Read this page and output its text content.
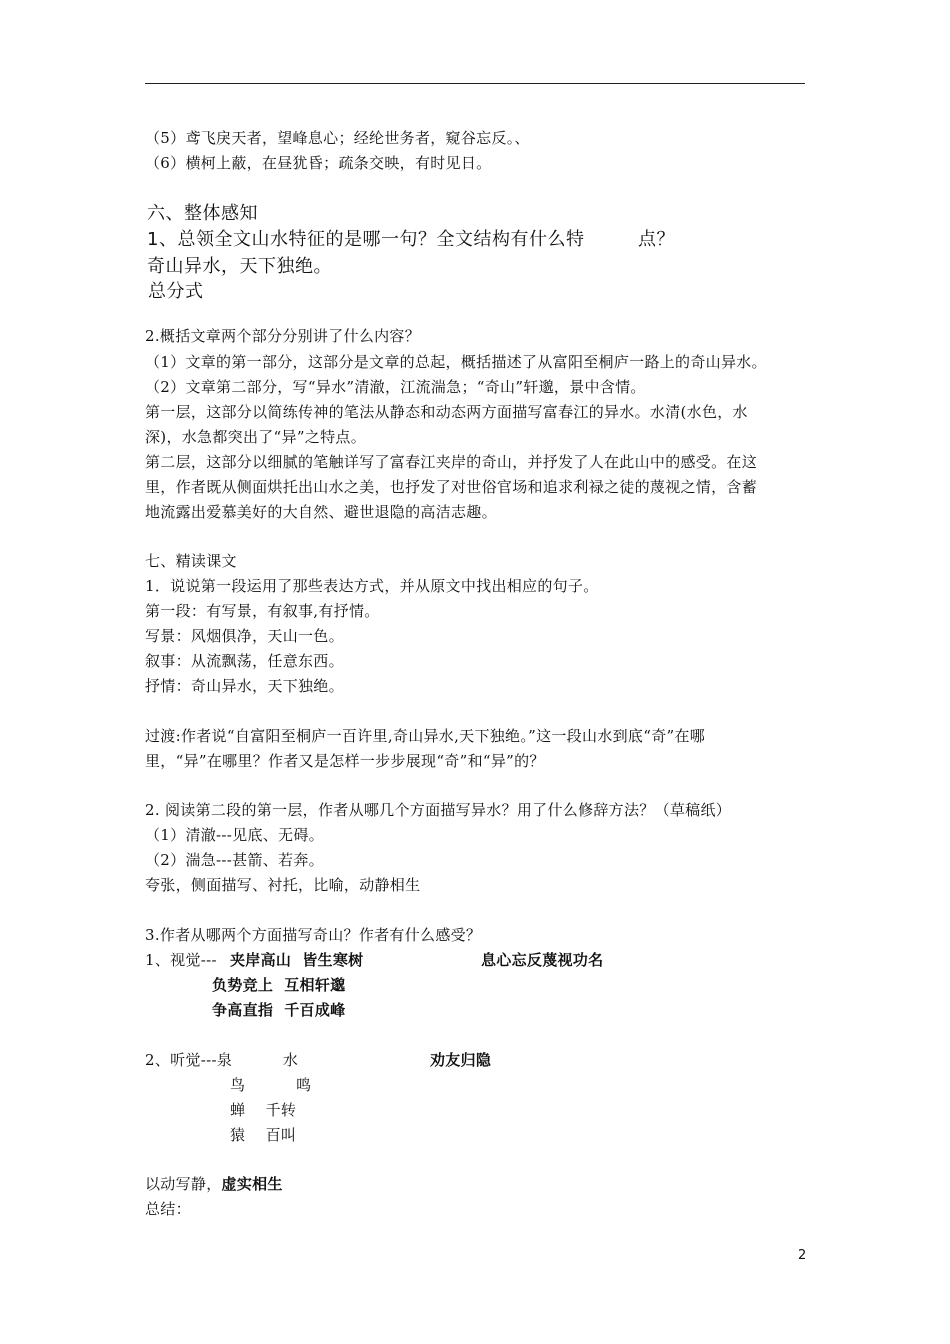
（5）鸢飞戾天者，望峰息心；经纶世务者，窥谷忘反。、
（6）横柯上蔽，在昼犹昏；疏条交映，有时见日。
六、整体感知
1、总领全文山水特征的是哪一句？全文结构有什么特	点？
奇山异水，天下独绝。
总分式
2.概括文章两个部分分别讲了什么内容？
（1）文章的第一部分，这部分是文章的总起，概括描述了从富阳至桐庐一路上的奇山异水。
（2）文章第二部分，写“异水”清澈，江流湍急；“奇山”轩邈，景中含情。
第一层，这部分以简练传神的笔法从静态和动态两方面描写富春江的异水。水清(水色，水
深)，水急都突出了“异”之特点。
第二层，这部分以细腻的笔触详写了富春江夹岸的奇山，并抒发了人在此山中的感受。在这
里，作者既从侧面烘托出山水之美，也抒发了对世俗官场和追求利禄之徒的蔑视之情，含蓄
地流露出爱慕美好的大自然、避世退隐的高洁志趣。
七、精读课文
1．说说第一段运用了那些表达方式，并从原文中找出相应的句子。
第一段：有写景，有叙事,有抒情。
写景：风烟俱净，天山一色。
叙事：从流飘荡，任意东西。
抒情：奇山异水，天下独绝。
过渡:作者说“自富阳至桐庐一百许里,奇山异水,天下独绝。”这一段山水到底“奇”在哪
里，“异”在哪里？作者又是怎样一步步展现“奇”和“异”的？
2. 阅读第二段的第一层，作者从哪几个方面描写异水？用了什么修辞方法？（草稿纸）
（1）清澈---见底、无碍。
（2）湍急---甚箭、若奔。
夸张，侧面描写、衬托，比喻，动静相生
3.作者从哪两个方面描写奇山？作者有什么感受？
1、视觉--- 夹岸高山  皆生寒树	息心忘反蔑视功名
负势竞上  互相轩邈
争高直指  千百成峰
2、听觉---泉          水	劝友归隐
鸟          鸣
蝉    千转
猿    百叫
以动写静，虚实相生
总结：
2
